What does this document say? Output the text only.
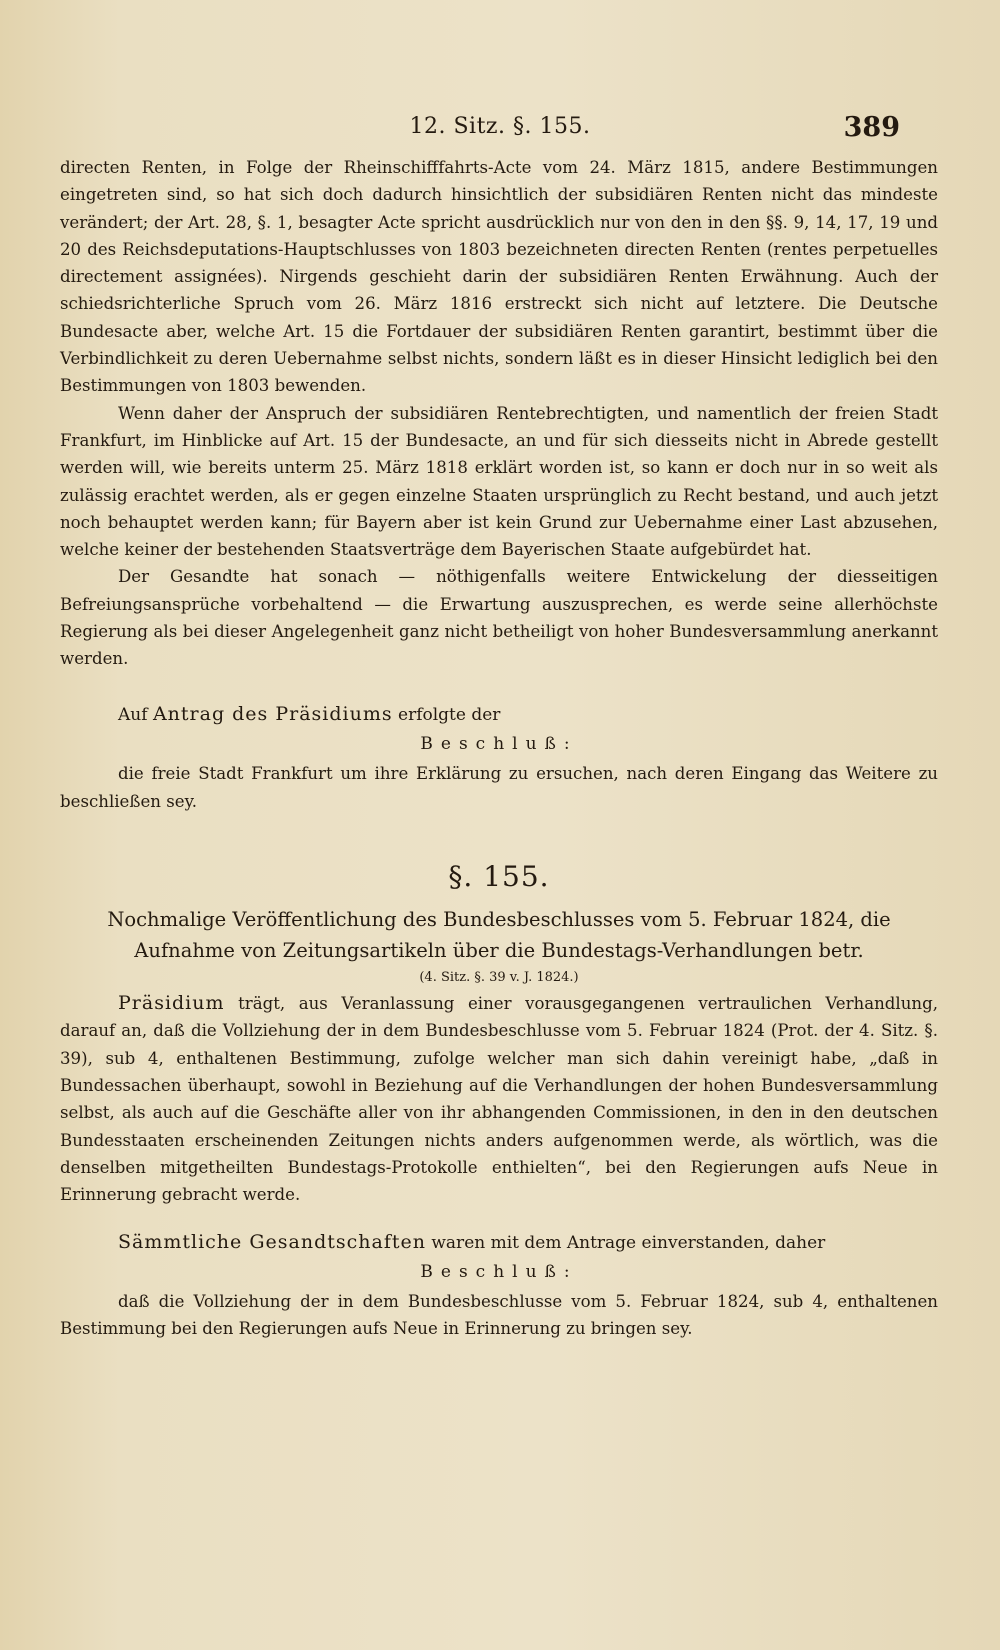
12. Sitz. §. 155.	389

directen Renten, in Folge der Rheinschifffahrts-Acte vom 24. März 1815, andere Bestimmungen eingetreten sind, so hat sich doch dadurch hinsichtlich der subsidiären Renten nicht das mindeste verändert; der Art. 28, §. 1, besagter Acte spricht ausdrücklich nur von den in den §§. 9, 14, 17, 19 und 20 des Reichsdeputations-Hauptschlusses von 1803 bezeichneten directen Renten (rentes perpetuelles directement assignées). Nirgends geschieht darin der subsidiären Renten Erwähnung. Auch der schiedsrichterliche Spruch vom 26. März 1816 erstreckt sich nicht auf letztere. Die Deutsche Bundesacte aber, welche Art. 15 die Fortdauer der subsidiären Renten garantirt, bestimmt über die Verbindlichkeit zu deren Uebernahme selbst nichts, sondern läßt es in dieser Hinsicht lediglich bei den Bestimmungen von 1803 bewenden.

Wenn daher der Anspruch der subsidiären Rentebrechtigten, und namentlich der freien Stadt Frankfurt, im Hinblicke auf Art. 15 der Bundesacte, an und für sich diesseits nicht in Abrede gestellt werden will, wie bereits unterm 25. März 1818 erklärt worden ist, so kann er doch nur in so weit als zulässig erachtet werden, als er gegen einzelne Staaten ursprünglich zu Recht bestand, und auch jetzt noch behauptet werden kann; für Bayern aber ist kein Grund zur Uebernahme einer Last abzusehen, welche keiner der bestehenden Staatsverträge dem Bayerischen Staate aufgebürdet hat.

Der Gesandte hat sonach — nöthigenfalls weitere Entwickelung der diesseitigen Befreiungsansprüche vorbehaltend — die Erwartung auszusprechen, es werde seine allerhöchste Regierung als bei dieser Angelegenheit ganz nicht betheiligt von hoher Bundesversammlung anerkannt werden.

Auf Antrag des Präsidiums erfolgte der

Beschluß:

die freie Stadt Frankfurt um ihre Erklärung zu ersuchen, nach deren Eingang das Weitere zu beschließen sey.

§. 155.

Nochmalige Veröffentlichung des Bundesbeschlusses vom 5. Februar 1824, die Aufnahme von Zeitungsartikeln über die Bundestags-Verhandlungen betr.

(4. Sitz. §. 39 v. J. 1824.)

Präsidium trägt, aus Veranlassung einer vorausgegangenen vertraulichen Verhandlung, darauf an, daß die Vollziehung der in dem Bundesbeschlusse vom 5. Februar 1824 (Prot. der 4. Sitz. §. 39), sub 4, enthaltenen Bestimmung, zufolge welcher man sich dahin vereinigt habe, „daß in Bundessachen überhaupt, sowohl in Beziehung auf die Verhandlungen der hohen Bundesversammlung selbst, als auch auf die Geschäfte aller von ihr abhangenden Commissionen, in den in den deutschen Bundesstaaten erscheinenden Zeitungen nichts anders aufgenommen werde, als wörtlich, was die denselben mitgetheilten Bundestags-Protokolle enthielten“, bei den Regierungen aufs Neue in Erinnerung gebracht werde.

Sämmtliche Gesandtschaften waren mit dem Antrage einverstanden, daher

Beschluß:

daß die Vollziehung der in dem Bundesbeschlusse vom 5. Februar 1824, sub 4, enthaltenen Bestimmung bei den Regierungen aufs Neue in Erinnerung zu bringen sey.
